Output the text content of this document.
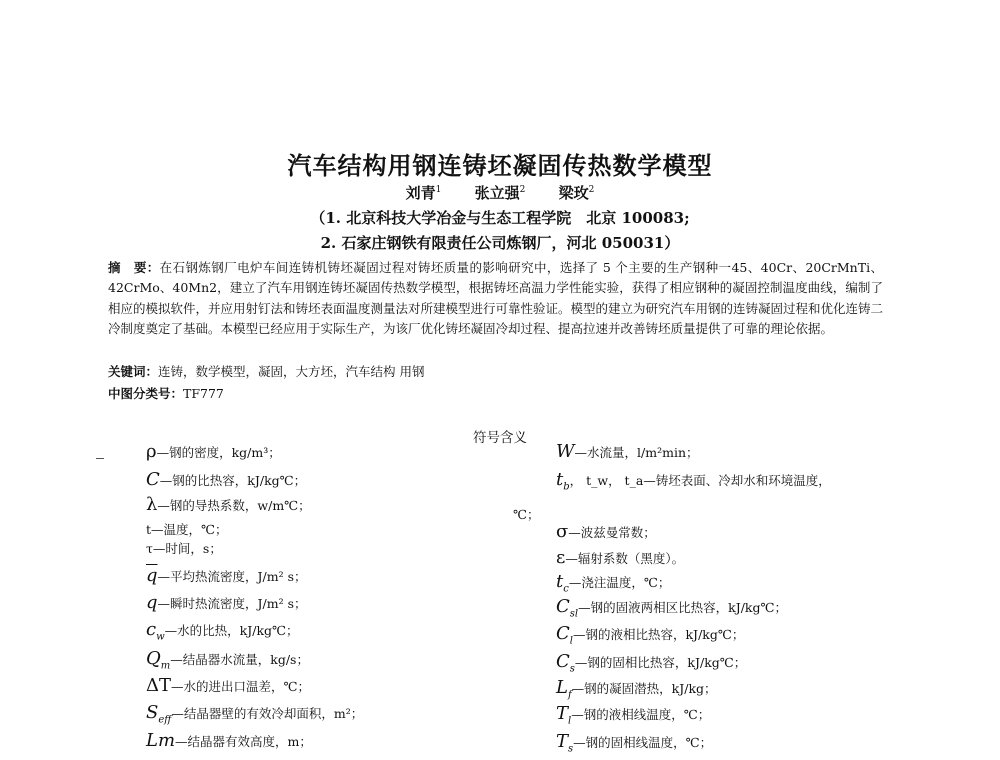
汽车结构用钢连铸坯凝固传热数学模型
刘青$^1$ 张立强$^2$ 梁玫$^2$
（1. 北京科技大学冶金与生态工程学院　北京 100083;
2. 石家庄钢铁有限责任公司炼钢厂，河北 050031）
摘　要：在石钢炼钢厂电炉车间连铸机铸坯凝固过程对铸坯质量的影响研究中，选择了 5 个主要的生产钢种一45、40Cr、20CrMnTi、42CrMo、40Mn2，建立了汽车用钢连铸坯凝固传热数学模型，根据铸坯高温力学性能实验，获得了相应钢种的凝固控制温度曲线，编制了相应的模拟软件，并应用射钉法和铸坯表面温度测量法对所建模型进行可靠性验证。模型的建立为研究汽车用钢的连铸凝固过程和优化连铸二冷制度奠定了基础。本模型已经应用于实际生产，为该厂优化铸坯凝固冷却过程、提高拉速并改善铸坯质量提供了可靠的理论依据。
关键词：连铸，数学模型，凝固，大方坯，汽车结构 用钢
中图分类号：TF777
符号含义
℃；
ρ—钢的密度，kg/m³；
C—钢的比热容，kJ/kg℃；
λ—钢的导热系数，w/m℃；
t—温度，℃；
τ—时间，s；
$\overline{q}—$平均热流密度，J/m² s；
q—瞬时热流密度，J/m² s；
$c_w—$水的比热，kJ/kg℃；
$Q_m—$结晶器水流量，kg/s；
ΔT—水的进出口温差，℃；
$S_{eff}—$结晶器壁的有效冷却面积，m²；
Lm—结晶器有效高度，m；
W—水流量，l/m²min；
$t_b$， t_w， t_a—铸坯表面、冷却水和环境温度，
σ—波兹曼常数；
ε—辐射系数（黑度）。
$t_c—$浇注温度，℃；
$C_{sl}—$钢的固液两相区比热容，kJ/kg℃；
$C_l—$钢的液相比热容，kJ/kg℃；
$C_s—$钢的固相比热容，kJ/kg℃；
$L_f—$钢的凝固潜热，kJ/kg；
$T_l—$钢的液相线温度，℃；
$T_s—$钢的固相线温度，℃；
